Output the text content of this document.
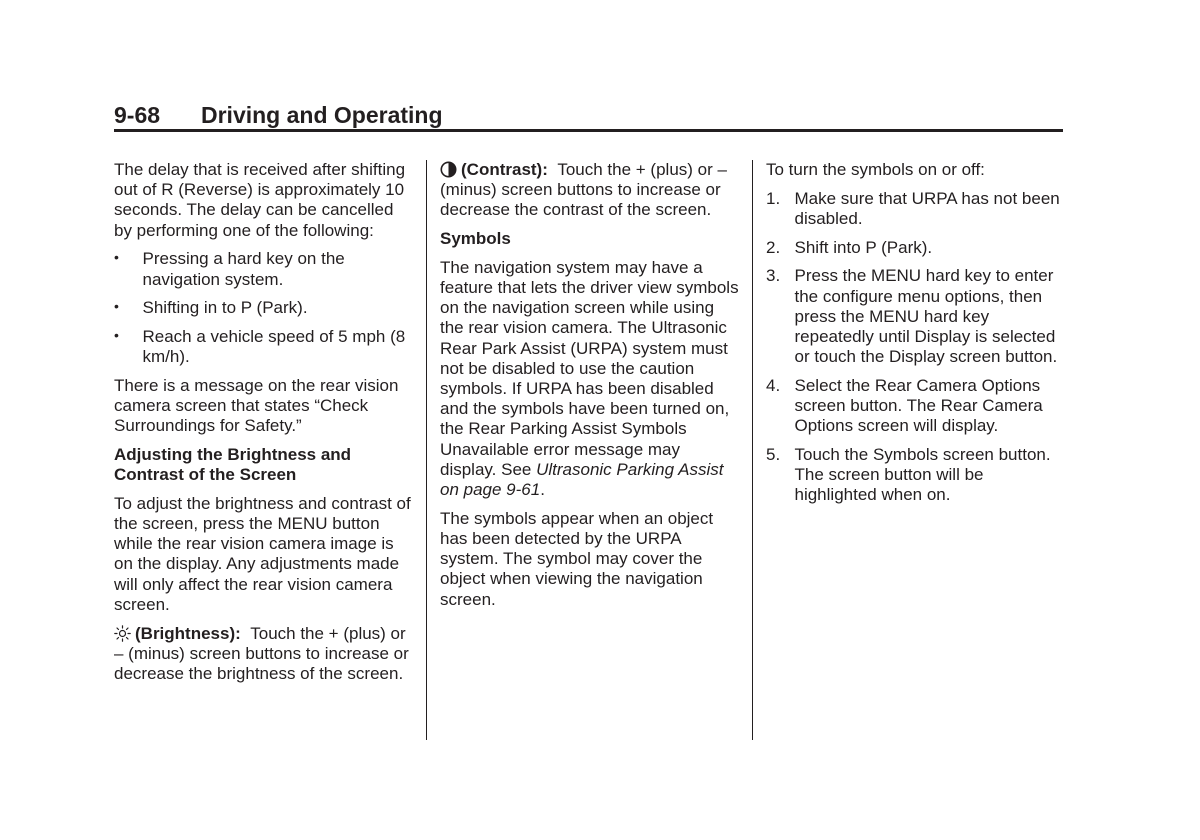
9-68 Driving and Operating

The delay that is received after shifting out of R (Reverse) is approximately 10 seconds. The delay can be cancelled by performing one of the following:

• Pressing a hard key on the navigation system.
• Shifting in to P (Park).
• Reach a vehicle speed of 5 mph (8 km/h).

There is a message on the rear vision camera screen that states “Check Surroundings for Safety.”

Adjusting the Brightness and Contrast of the Screen

To adjust the brightness and contrast of the screen, press the MENU button while the rear vision camera image is on the display. Any adjustments made will only affect the rear vision camera screen.

(Brightness): Touch the + (plus) or – (minus) screen buttons to increase or decrease the brightness of the screen.

(Contrast): Touch the + (plus) or – (minus) screen buttons to increase or decrease the contrast of the screen.

Symbols

The navigation system may have a feature that lets the driver view symbols on the navigation screen while using the rear vision camera. The Ultrasonic Rear Park Assist (URPA) system must not be disabled to use the caution symbols. If URPA has been disabled and the symbols have been turned on, the Rear Parking Assist Symbols Unavailable error message may display. See Ultrasonic Parking Assist on page 9-61.

The symbols appear when an object has been detected by the URPA system. The symbol may cover the object when viewing the navigation screen.

To turn the symbols on or off:

1. Make sure that URPA has not been disabled.
2. Shift into P (Park).
3. Press the MENU hard key to enter the configure menu options, then press the MENU hard key repeatedly until Display is selected or touch the Display screen button.
4. Select the Rear Camera Options screen button. The Rear Camera Options screen will display.
5. Touch the Symbols screen button. The screen button will be highlighted when on.
